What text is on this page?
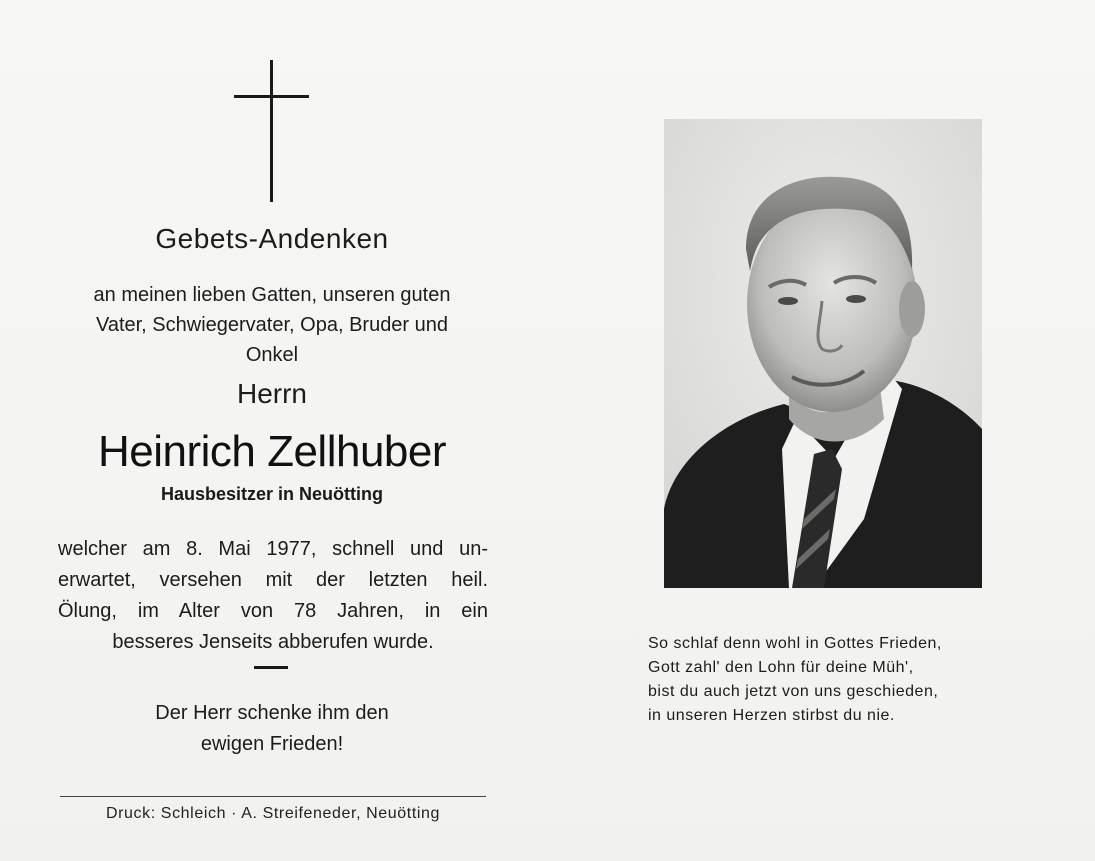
Gebets-Andenken
an meinen lieben Gatten, unseren guten
Vater, Schwiegervater, Opa, Bruder und
Onkel
Herrn
Heinrich Zellhuber
Hausbesitzer in Neuötting
welcher am 8. Mai 1977, schnell und un-
erwartet, versehen mit der letzten heil.
Ölung, im Alter von 78 Jahren, in ein
besseres Jenseits abberufen wurde.
Der Herr schenke ihm den
ewigen Frieden!
Druck: Schleich · A. Streifeneder, Neuötting
So schlaf denn wohl in Gottes Frieden,
Gott zahl' den Lohn für deine Müh',
bist du auch jetzt von uns geschieden,
in unseren Herzen stirbst du nie.
